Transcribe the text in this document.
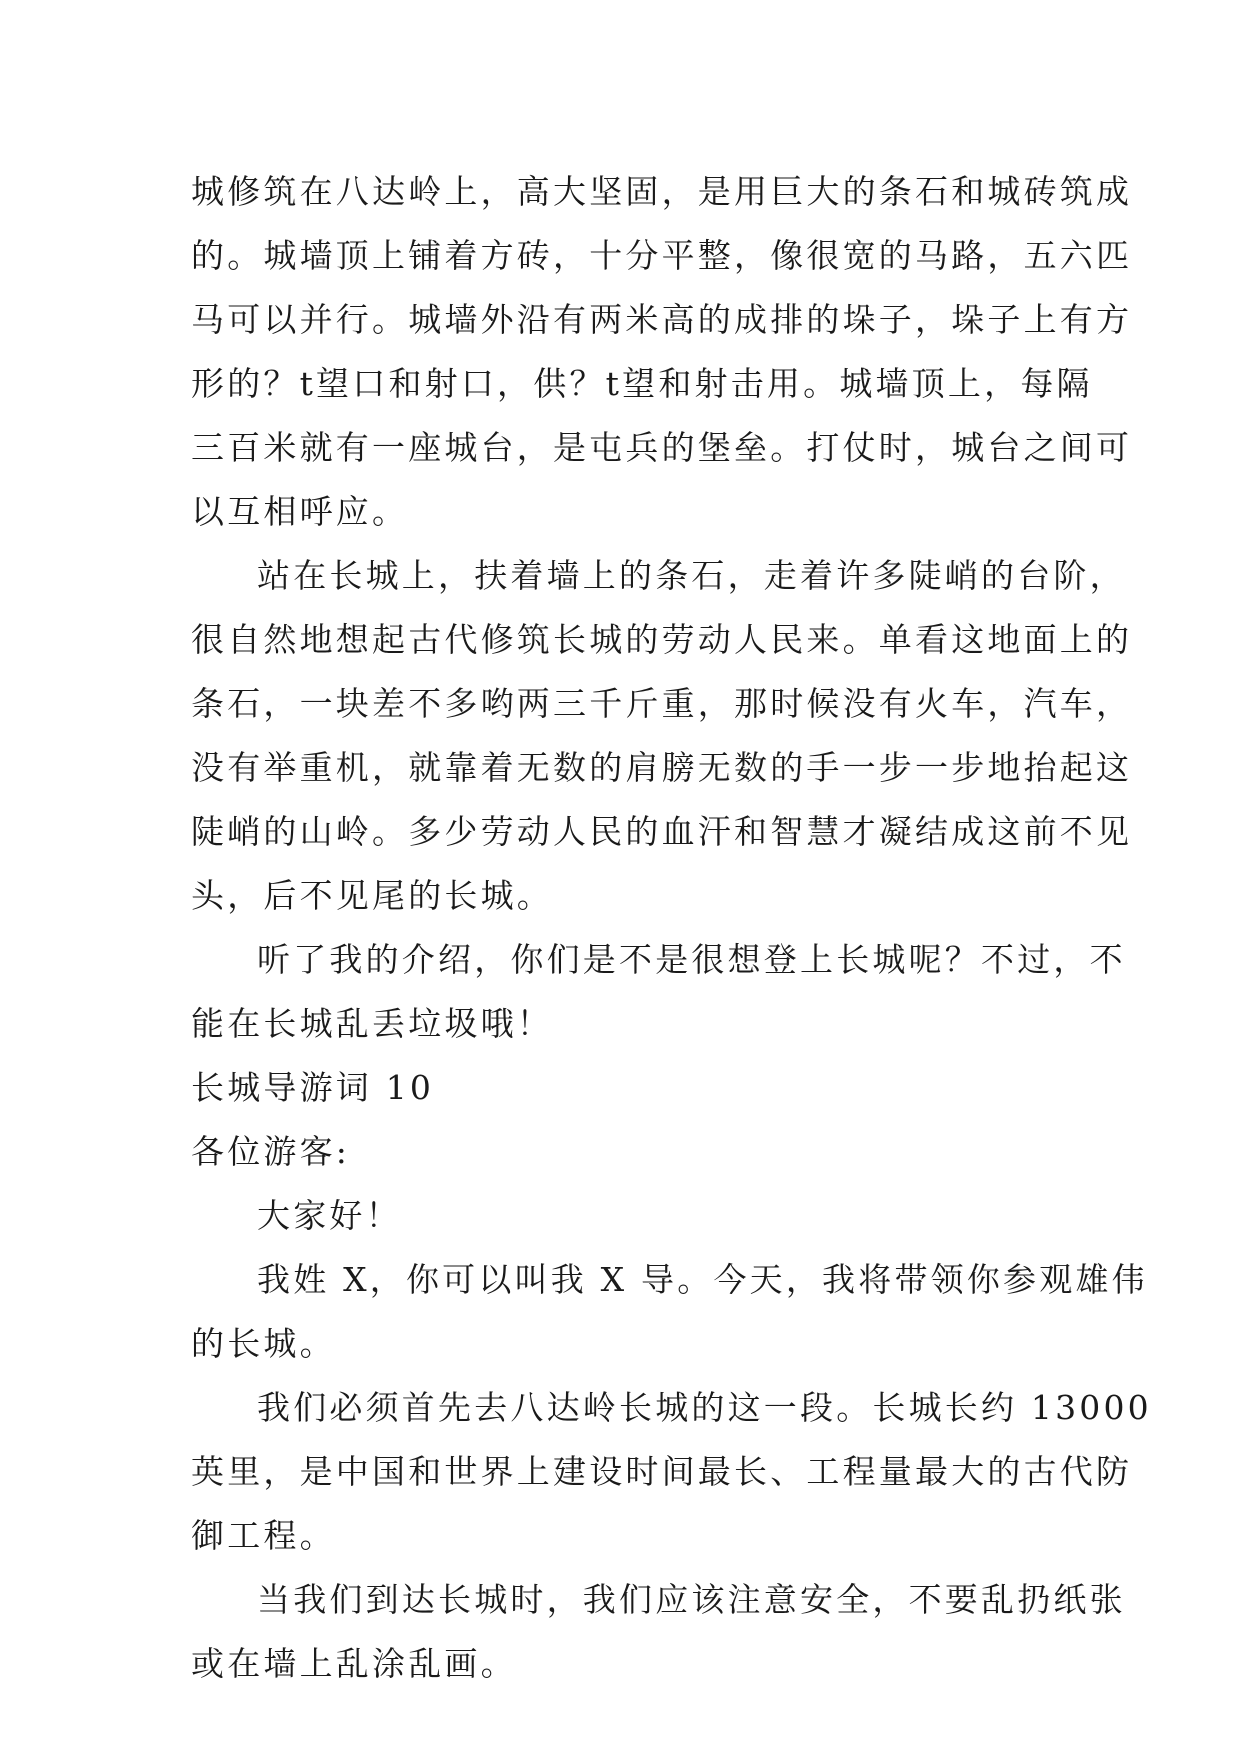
城修筑在八达岭上，高大坚固，是用巨大的条石和城砖筑成
的。城墙顶上铺着方砖，十分平整，像很宽的马路，五六匹
马可以并行。城墙外沿有两米高的成排的垛子，垛子上有方
形的？t望口和射口，供？t望和射击用。城墙顶上，每隔
三百米就有一座城台，是屯兵的堡垒。打仗时，城台之间可
以互相呼应。
站在长城上，扶着墙上的条石，走着许多陡峭的台阶，
很自然地想起古代修筑长城的劳动人民来。单看这地面上的
条石，一块差不多哟两三千斤重，那时候没有火车，汽车，
没有举重机，就靠着无数的肩膀无数的手一步一步地抬起这
陡峭的山岭。多少劳动人民的血汗和智慧才凝结成这前不见
头，后不见尾的长城。
听了我的介绍，你们是不是很想登上长城呢？不过，不
能在长城乱丢垃圾哦！
长城导游词 10
各位游客:
大家好！
我姓 X，你可以叫我 X 导。今天，我将带领你参观雄伟
的长城。
我们必须首先去八达岭长城的这一段。长城长约 13000
英里，是中国和世界上建设时间最长、工程量最大的古代防
御工程。
当我们到达长城时，我们应该注意安全，不要乱扔纸张
或在墙上乱涂乱画。
